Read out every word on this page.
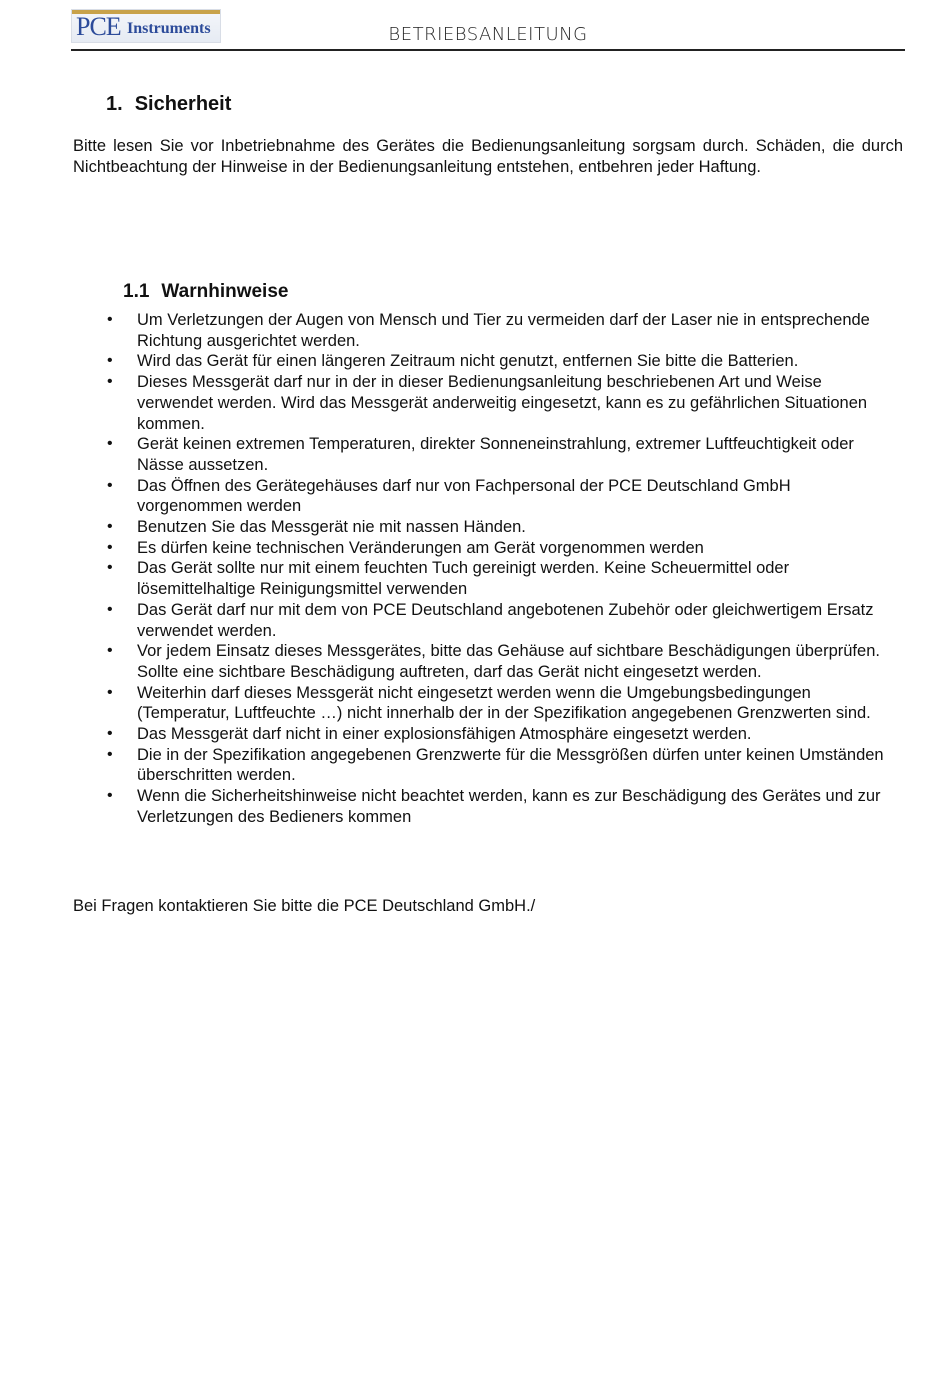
PCE Instruments	BETRIEBSANLEITUNG
1. Sicherheit

Bitte lesen Sie vor Inbetriebnahme des Gerätes die Bedienungsanleitung sorgsam durch. Schäden, die durch Nichtbeachtung der Hinweise in der Bedienungsanleitung entstehen, entbehren jeder Haftung.

1.1 Warnhinweise
• Um Verletzungen der Augen von Mensch und Tier zu vermeiden darf der Laser nie in entsprechende Richtung ausgerichtet werden.
• Wird das Gerät für einen längeren Zeitraum nicht genutzt, entfernen Sie bitte die Batterien.
• Dieses Messgerät darf nur in der in dieser Bedienungsanleitung beschriebenen Art und Weise verwendet werden. Wird das Messgerät anderweitig eingesetzt, kann es zu gefährlichen Situationen kommen.
• Gerät keinen extremen Temperaturen, direkter Sonneneinstrahlung, extremer Luftfeuchtigkeit oder Nässe aussetzen.
• Das Öffnen des Gerätegehäuses darf nur von Fachpersonal der PCE Deutschland GmbH vorgenommen werden
• Benutzen Sie das Messgerät nie mit nassen Händen.
• Es dürfen keine technischen Veränderungen am Gerät vorgenommen werden
• Das Gerät sollte nur mit einem feuchten Tuch gereinigt werden. Keine Scheuermittel oder lösemittelhaltige Reinigungsmittel verwenden
• Das Gerät darf nur mit dem von PCE Deutschland angebotenen Zubehör oder gleichwertigem Ersatz verwendet werden.
• Vor jedem Einsatz dieses Messgerätes, bitte das Gehäuse auf sichtbare Beschädigungen überprüfen. Sollte eine sichtbare Beschädigung auftreten, darf das Gerät nicht eingesetzt werden.
• Weiterhin darf dieses Messgerät nicht eingesetzt werden wenn die Umgebungsbedingungen (Temperatur, Luftfeuchte …) nicht innerhalb der in der Spezifikation angegebenen Grenzwerten sind.
• Das Messgerät darf nicht in einer explosionsfähigen Atmosphäre eingesetzt werden.
• Die in der Spezifikation angegebenen Grenzwerte für die Messgrößen dürfen unter keinen Umständen überschritten werden.
• Wenn die Sicherheitshinweise nicht beachtet werden, kann es zur Beschädigung des Gerätes und zur Verletzungen des Bedieners kommen

Bei Fragen kontaktieren Sie bitte die PCE Deutschland GmbH./
